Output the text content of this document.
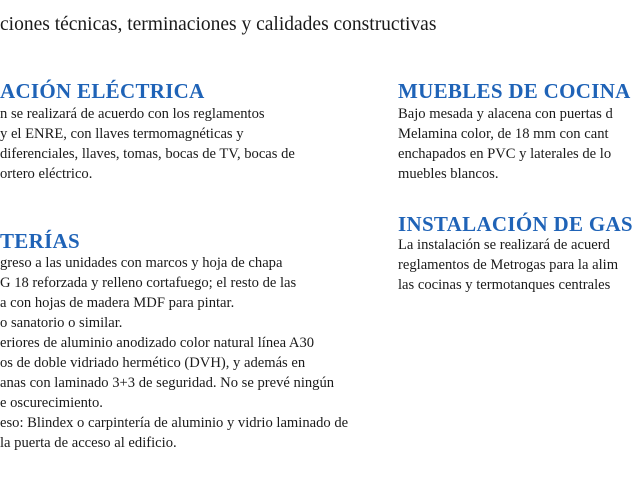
ciones técnicas, terminaciones y calidades constructivas
ACIÓN ELÉCTRICA
n se realizará de acuerdo con los reglamentos
y el ENRE, con llaves termomagnéticas y
diferenciales, llaves, tomas, bocas de TV, bocas de
ortero eléctrico.
TERÍAS
greso a las unidades con marcos y hoja de chapa
G 18 reforzada y relleno cortafuego; el resto de las
a con hojas de madera MDF para pintar.
o sanatorio o similar.
eriores de aluminio anodizado color natural línea A30
os de doble vidriado hermético (DVH), y además en
anas con laminado 3+3 de seguridad. No se prevé ningún
e oscurecimiento.
eso: Blindex o carpintería de aluminio y vidrio laminado de
la puerta de acceso al edificio.
MUEBLES DE COCINA
Bajo mesada y alacena con puertas d
Melamina color, de 18 mm con cant
enchapados en PVC y laterales de lo
muebles blancos.
INSTALACIÓN DE GAS
La instalación se realizará de acuerd
reglamentos de Metrogas para la alim
las cocinas y termotanques centrales
